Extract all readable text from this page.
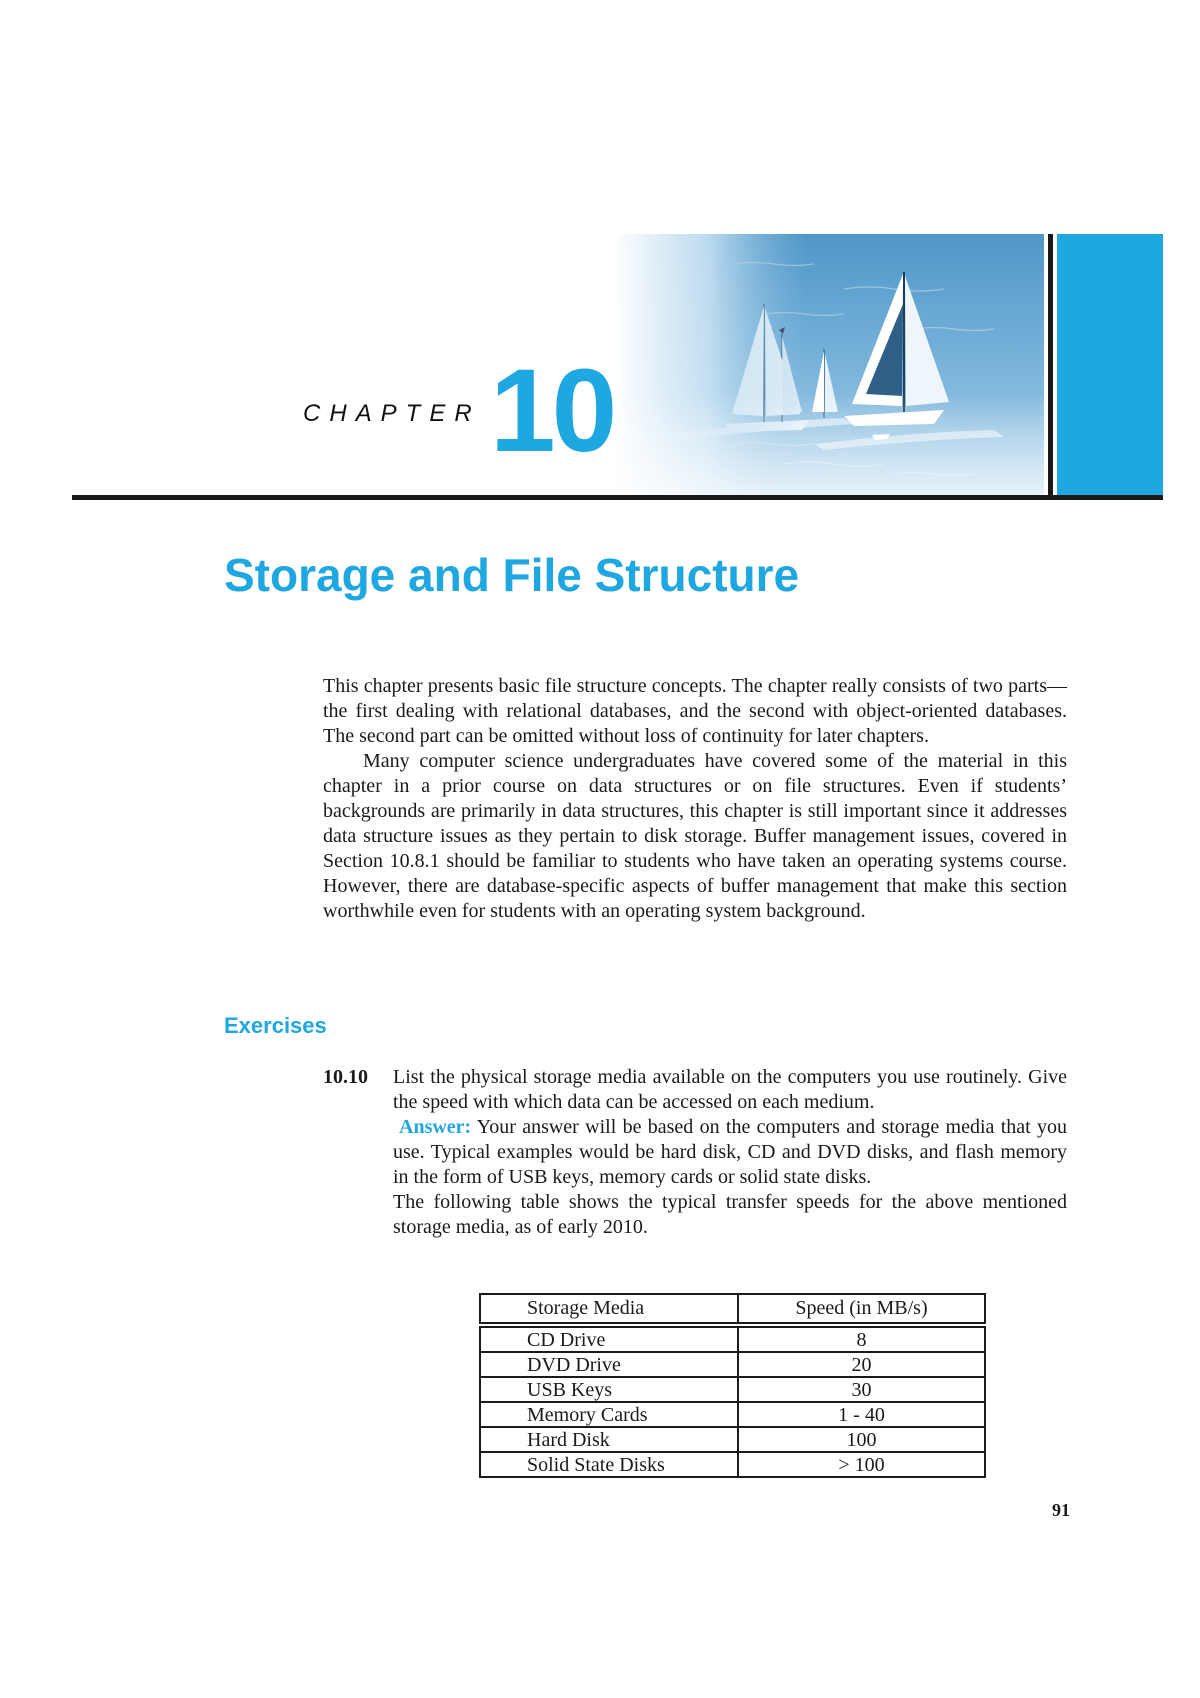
CHAPTER 10
Storage and File Structure

This chapter presents basic file structure concepts. The chapter really consists of two parts—the first dealing with relational databases, and the second with object-oriented databases. The second part can be omitted without loss of continuity for later chapters.

Many computer science undergraduates have covered some of the material in this chapter in a prior course on data structures or on file structures. Even if students’ backgrounds are primarily in data structures, this chapter is still important since it addresses data structure issues as they pertain to disk storage. Buffer management issues, covered in Section 10.8.1 should be familiar to students who have taken an operating systems course. However, there are database-specific aspects of buffer management that make this section worthwhile even for students with an operating system background.

Exercises
10.10 List the physical storage media available on the computers you use routinely. Give the speed with which data can be accessed on each medium.

Answer: Your answer will be based on the computers and storage media that you use. Typical examples would be hard disk, CD and DVD disks, and flash memory in the form of USB keys, memory cards or solid state disks.

The following table shows the typical transfer speeds for the above mentioned storage media, as of early 2010.

Storage Media	Speed (in MB/s)
CD Drive	8
DVD Drive	20
USB Keys	30
Memory Cards	1 - 40
Hard Disk	100
Solid State Disks	> 100
91
